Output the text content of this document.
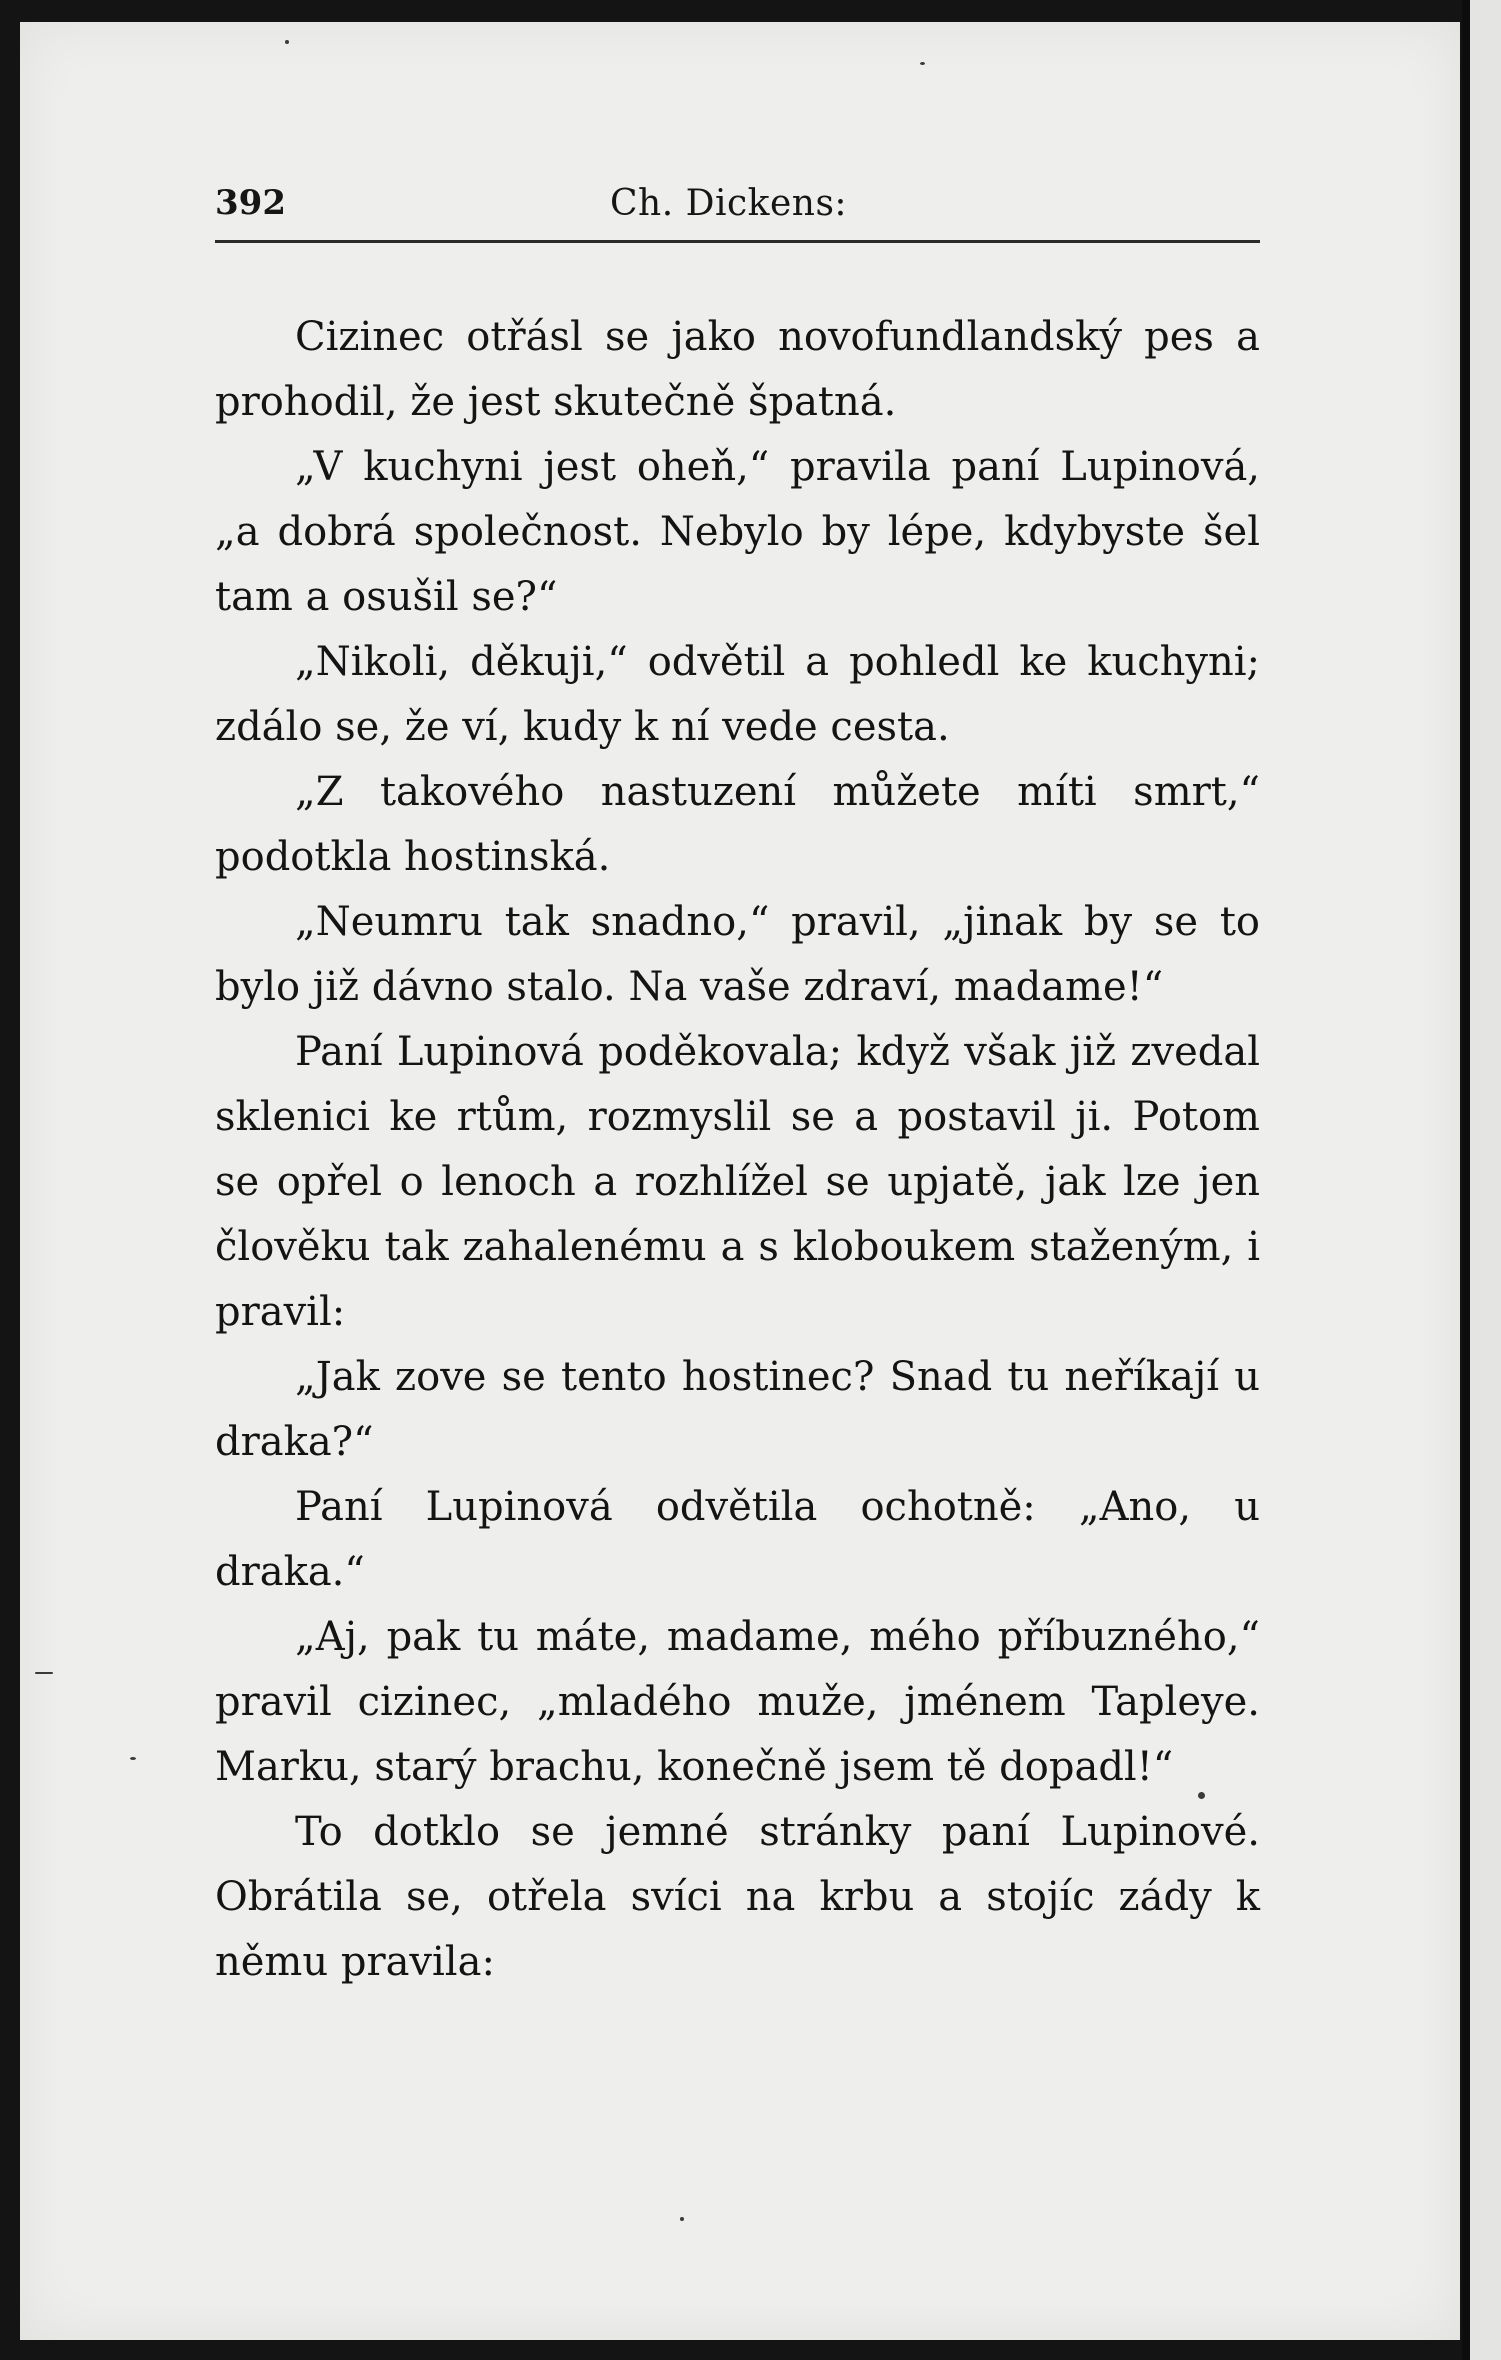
392	Ch. Dickens:

Cizinec otřásl se jako novofundlandský pes a prohodil, že jest skutečně špatná.

„V kuchyni jest oheň,“ pravila paní Lupinová, „a dobrá společnost. Nebylo by lépe, kdybyste šel tam a osušil se?“

„Nikoli, děkuji,“ odvětil a pohledl ke kuchyni; zdálo se, že ví, kudy k ní vede cesta.

„Z takového nastuzení můžete míti smrt,“ podotkla hostinská.

„Neumru tak snadno,“ pravil, „jinak by se to bylo již dávno stalo. Na vaše zdraví, madame!“

Paní Lupinová poděkovala; když však již zvedal sklenici ke rtům, rozmyslil se a postavil ji. Potom se opřel o lenoch a rozhlížel se upjatě, jak lze jen člověku tak zahalenému a s kloboukem staženým, i pravil:

„Jak zove se tento hostinec? Snad tu neříkají u draka?“

Paní Lupinová odvětila ochotně: „Ano, u draka.“

„Aj, pak tu máte, madame, mého příbuzného,“ pravil cizinec, „mladého muže, jménem Tapleye. Marku, starý brachu, konečně jsem tě dopadl!“

To dotklo se jemné stránky paní Lupinové. Obrátila se, otřela svíci na krbu a stojíc zády k němu pravila:
